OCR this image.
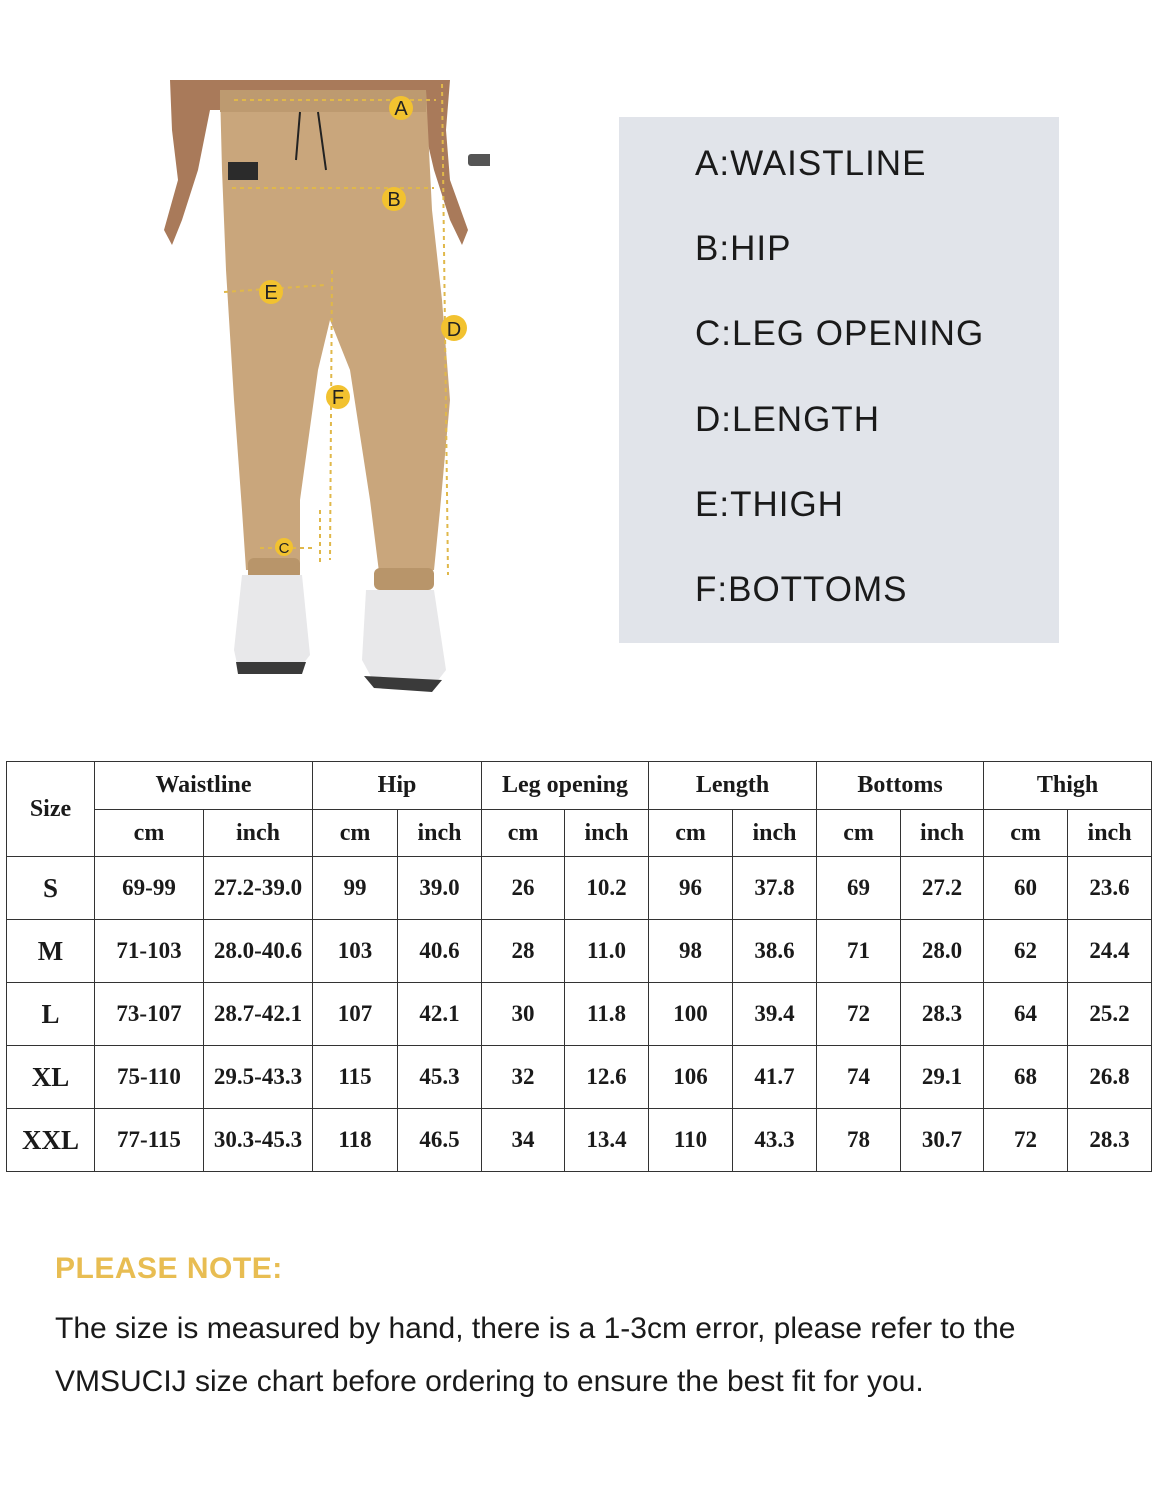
A
B
C
D
E
F
A:WAISTLINE
B:HIP
C:LEG OPENING
D:LENGTH
E:THIGH
F:BOTTOMS
Size	Waistline		Hip		Leg opening		Length		Bottoms		Thigh	
	cm	inch	cm	inch	cm	inch	cm	inch	cm	inch	cm	inch
S	69-99	27.2-39.0	99	39.0	26	10.2	96	37.8	69	27.2	60	23.6
M	71-103	28.0-40.6	103	40.6	28	11.0	98	38.6	71	28.0	62	24.4
L	73-107	28.7-42.1	107	42.1	30	11.8	100	39.4	72	28.3	64	25.2
XL	75-110	29.5-43.3	115	45.3	32	12.6	106	41.7	74	29.1	68	26.8
XXL	77-115	30.3-45.3	118	46.5	34	13.4	110	43.3	78	30.7	72	28.3
PLEASE NOTE:
The size is measured by hand, there is a 1-3cm error, please refer to the VMSUCIJ size chart before ordering to ensure the best fit for you.
